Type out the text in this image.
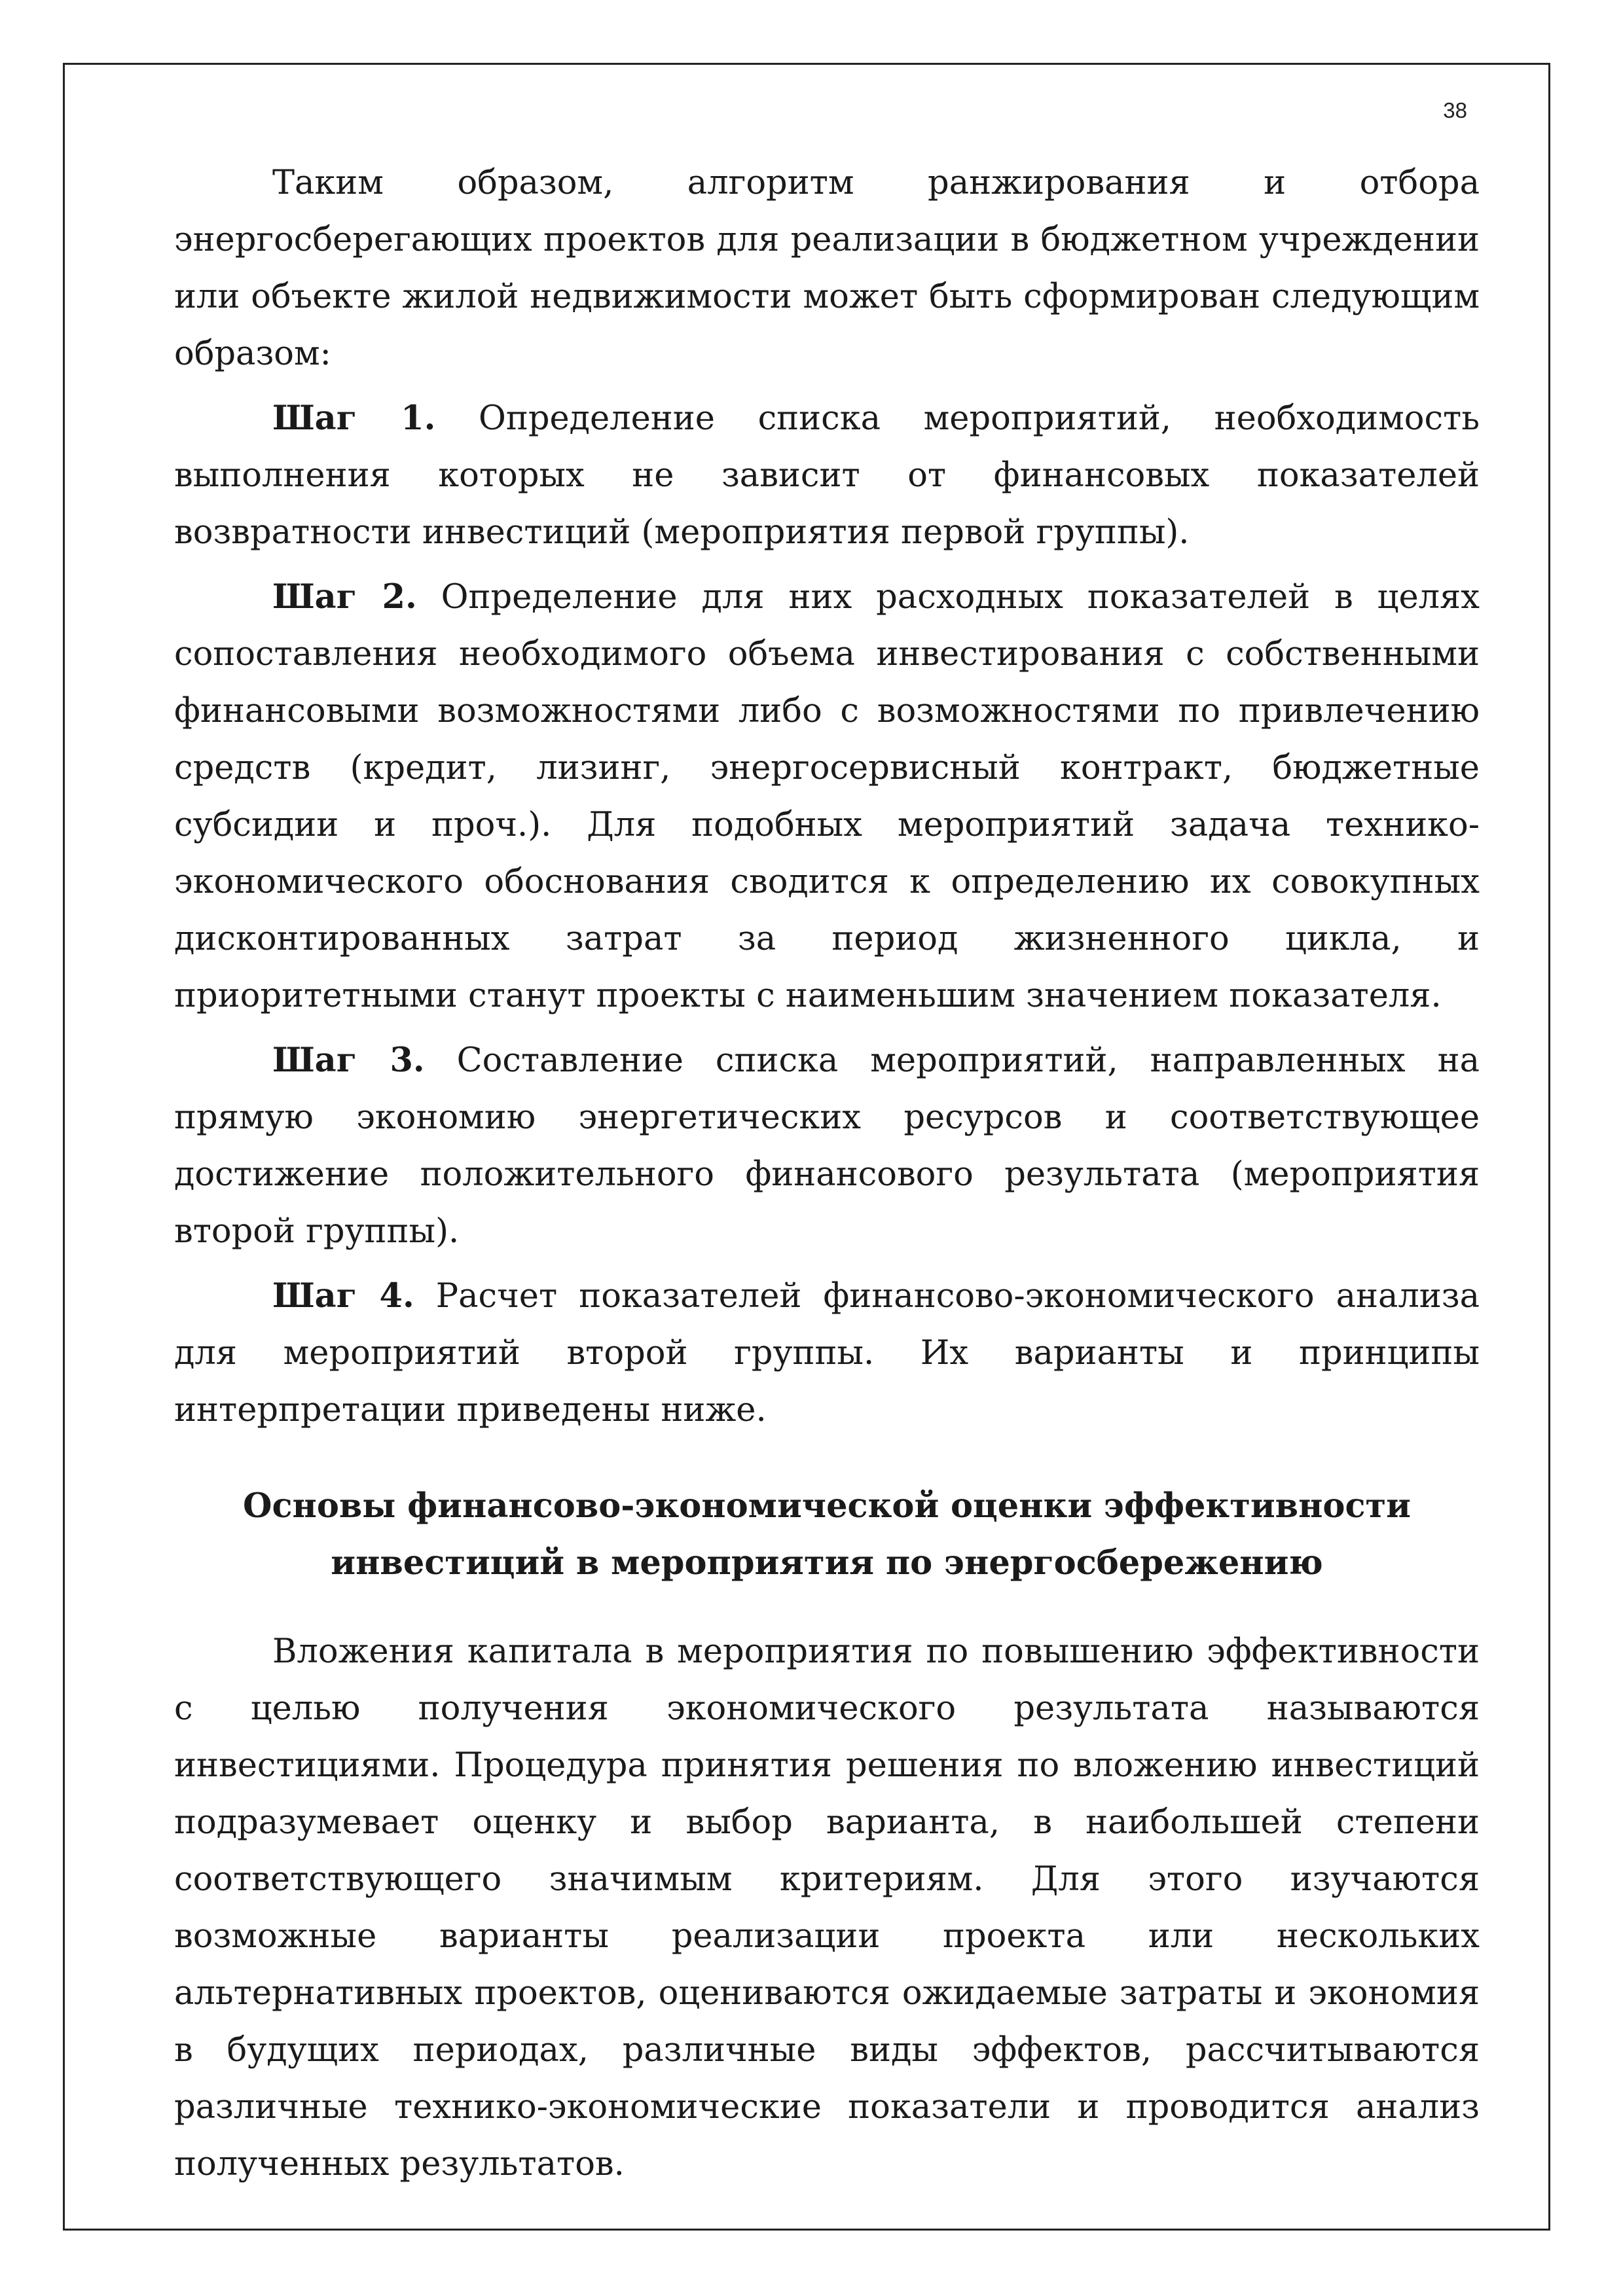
38

Таким образом, алгоритм ранжирования и отбора энергосберегающих проектов для реализации в бюджетном учреждении или объекте жилой недвижимости может быть сформирован следующим образом:

Шаг 1. Определение списка мероприятий, необходимость выполнения которых не зависит от финансовых показателей возвратности инвестиций (мероприятия первой группы).

Шаг 2. Определение для них расходных показателей в целях сопоставления необходимого объема инвестирования с собственными финансовыми возможностями либо с возможностями по привлечению средств (кредит, лизинг, энергосервисный контракт, бюджетные субсидии и проч.). Для подобных мероприятий задача технико-экономического обоснования сводится к определению их совокупных дисконтированных затрат за период жизненного цикла, и приоритетными станут проекты с наименьшим значением показателя.

Шаг 3. Составление списка мероприятий, направленных на прямую экономию энергетических ресурсов и соответствующее достижение положительного финансового результата (мероприятия второй группы).

Шаг 4. Расчет показателей финансово-экономического анализа для мероприятий второй группы. Их варианты и принципы интерпретации приведены ниже.

Основы финансово-экономической оценки эффективности
инвестиций в мероприятия по энергосбережению

Вложения капитала в мероприятия по повышению эффективности с целью получения экономического результата называются инвестициями. Процедура принятия решения по вложению инвестиций подразумевает оценку и выбор варианта, в наибольшей степени соответствующего значимым критериям. Для этого изучаются возможные варианты реализации проекта или нескольких альтернативных проектов, оцениваются ожидаемые затраты и экономия в будущих периодах, различные виды эффектов, рассчитываются различные технико-экономические показатели и проводится анализ полученных результатов.
